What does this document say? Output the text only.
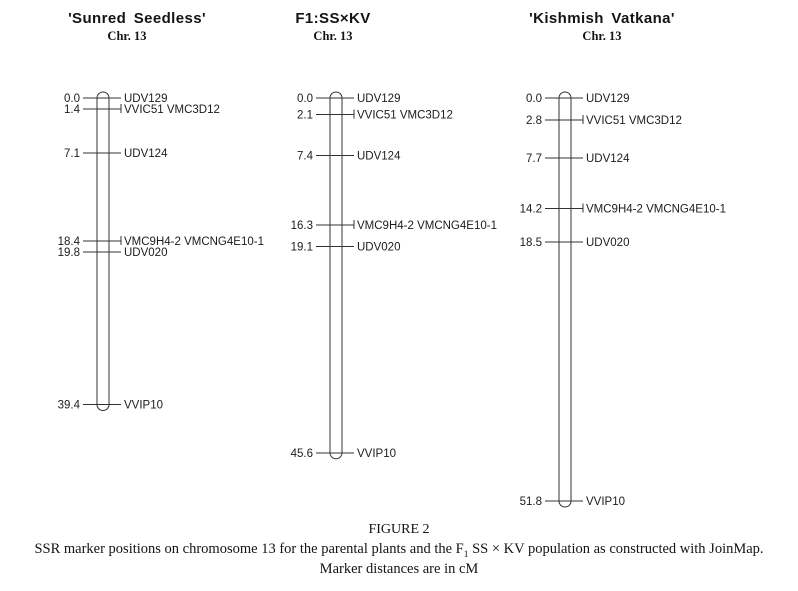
'Sunred Seedless'
Chr. 13
F1:SS×KV
Chr. 13
'Kishmish Vatkana'
Chr. 13
0.0	UDV129
1.4	VVIC51 VMC3D12
7.1	UDV124
18.4	VMC9H4-2 VMCNG4E10-1
19.8	UDV020
39.4	VVIP10
0.0	UDV129
2.1	VVIC51 VMC3D12
7.4	UDV124
16.3	VMC9H4-2 VMCNG4E10-1
19.1	UDV020
45.6	VVIP10
0.0	UDV129
2.8	VVIC51 VMC3D12
7.7	UDV124
14.2	VMC9H4-2 VMCNG4E10-1
18.5	UDV020
51.8	VVIP10
FIGURE 2
SSR marker positions on chromosome 13 for the parental plants and the $F_1$ SS × KV population as constructed with JoinMap.
Marker distances are in cM
